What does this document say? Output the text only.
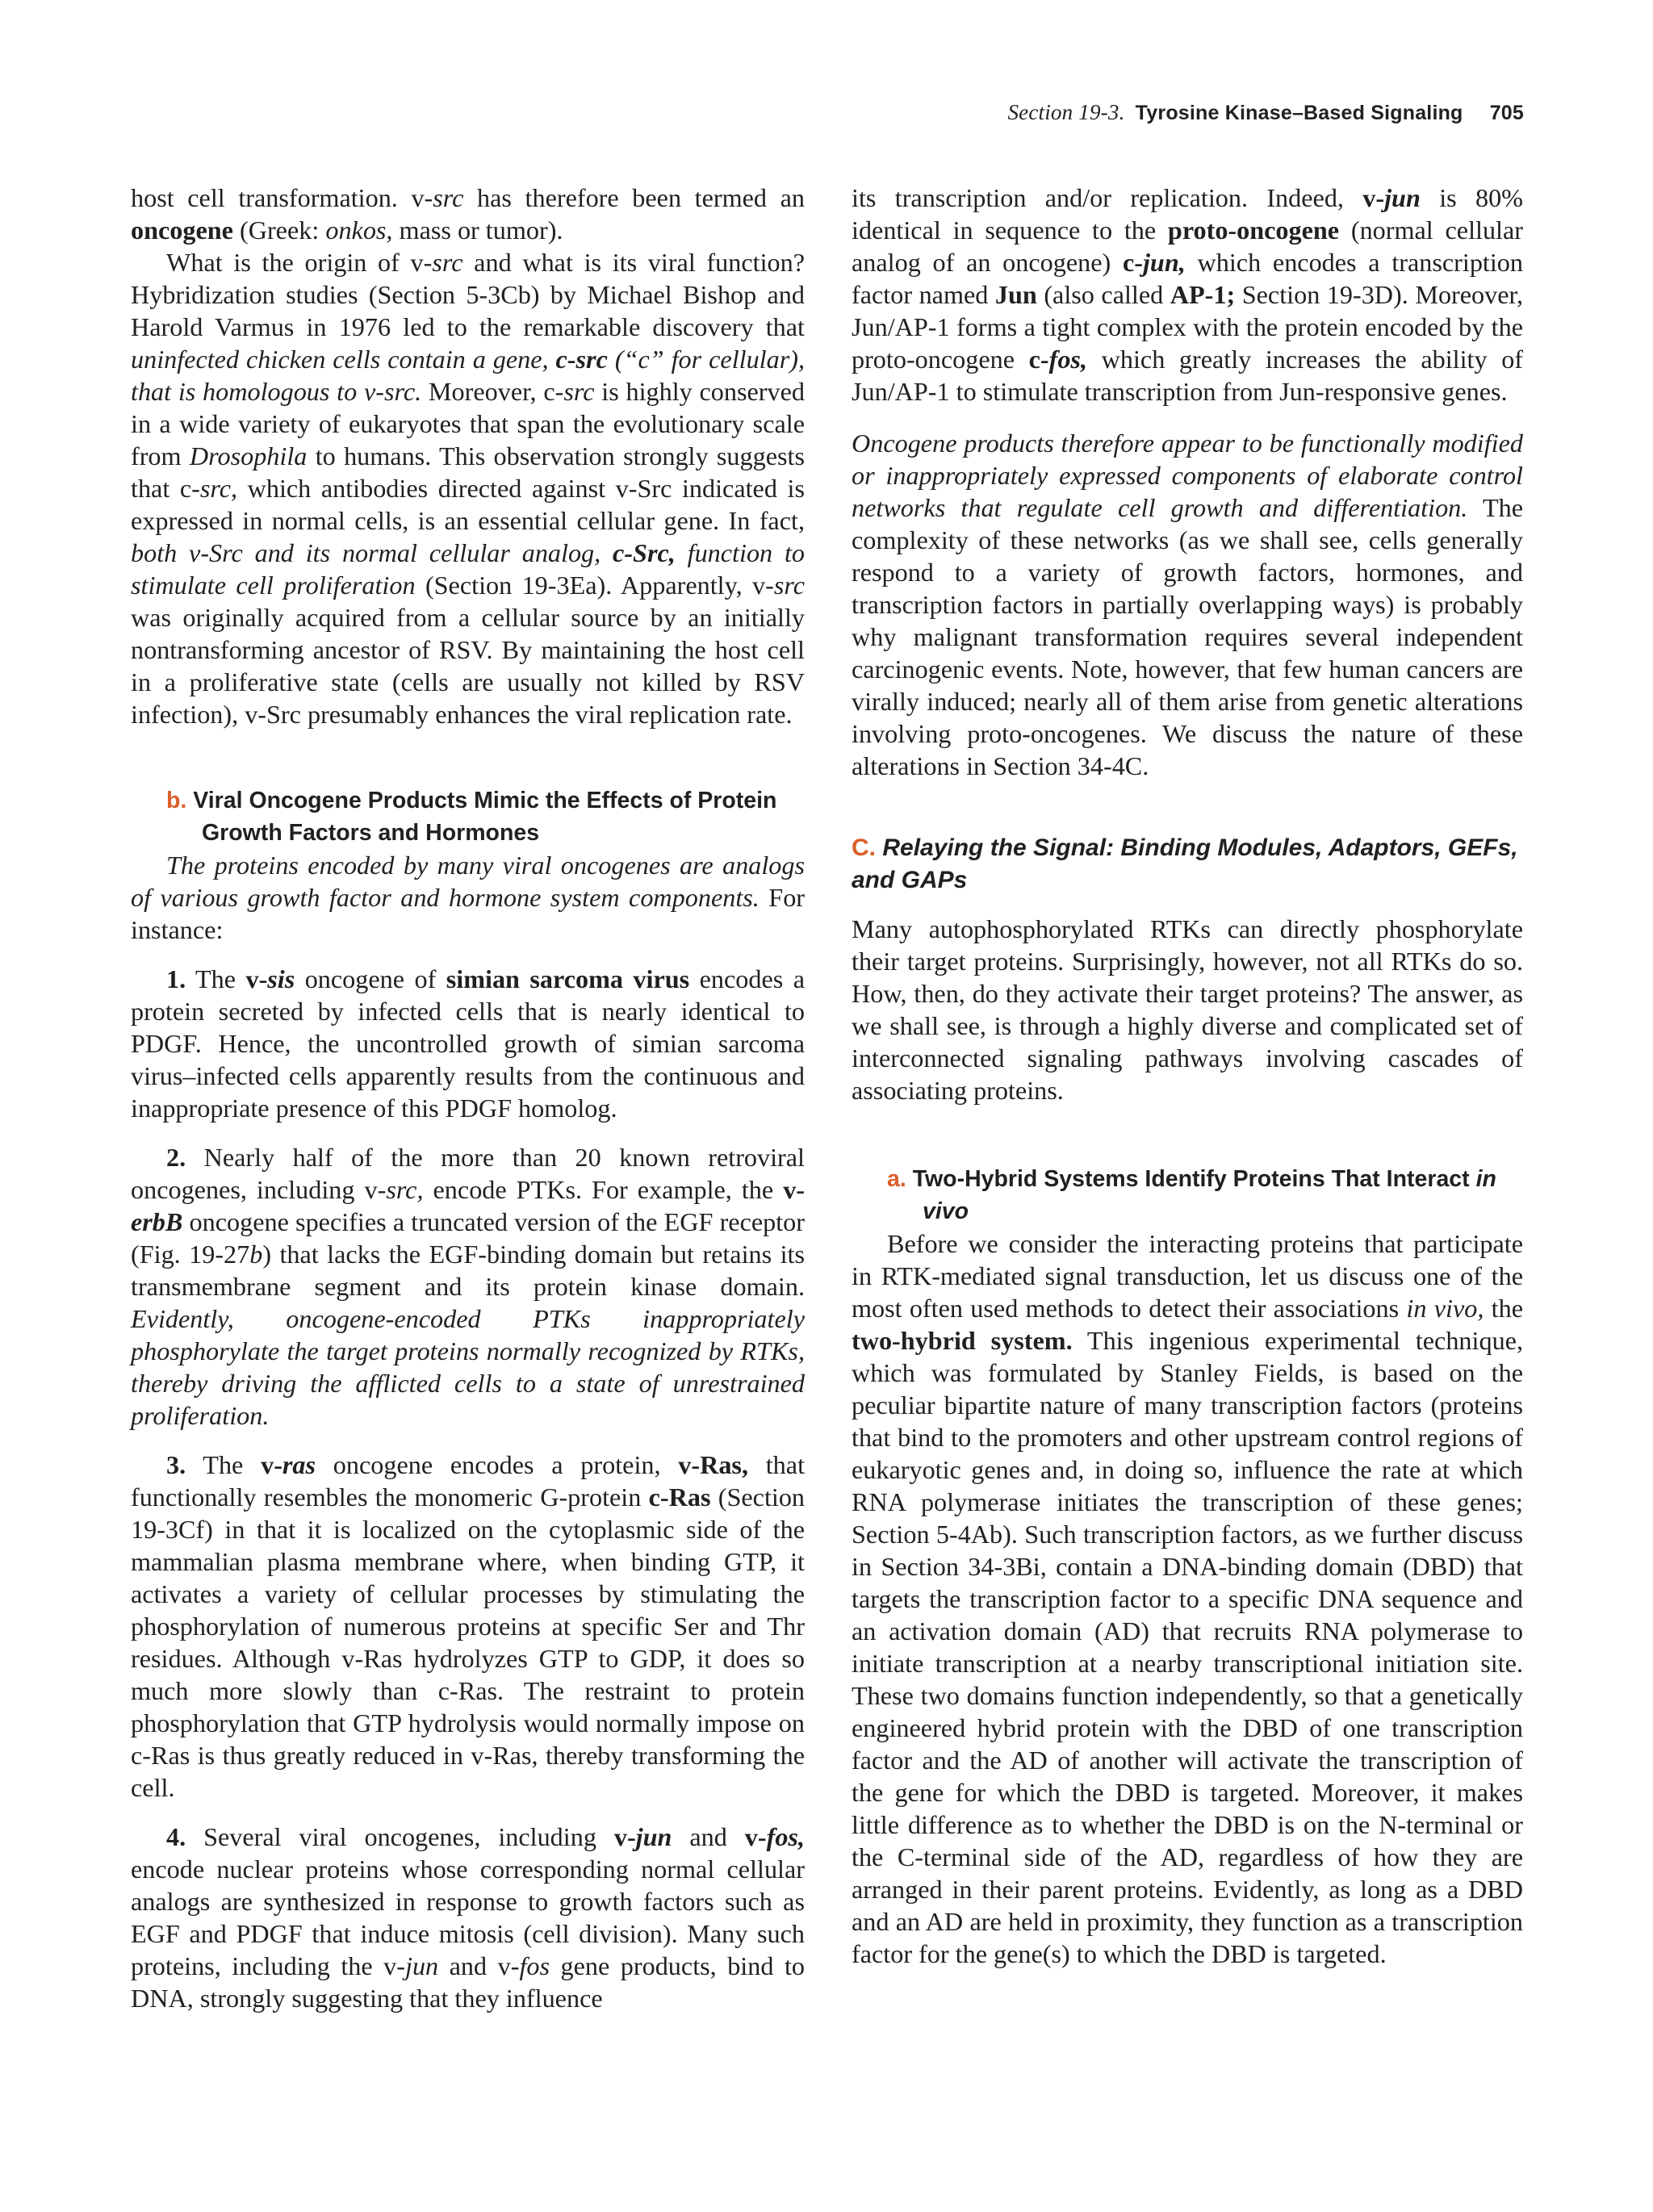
Section 19-3. Tyrosine Kinase–Based Signaling 705

host cell transformation. v-src has therefore been termed an oncogene (Greek: onkos, mass or tumor).

What is the origin of v-src and what is its viral function? Hybridization studies (Section 5-3Cb) by Michael Bishop and Harold Varmus in 1976 led to the remarkable discovery that uninfected chicken cells contain a gene, c-src (“c” for cellular), that is homologous to v-src. Moreover, c-src is highly conserved in a wide variety of eukaryotes that span the evolutionary scale from Drosophila to humans. This observation strongly suggests that c-src, which antibodies directed against v-Src indicated is expressed in normal cells, is an essential cellular gene. In fact, both v-Src and its normal cellular analog, c-Src, function to stimulate cell proliferation (Section 19-3Ea). Apparently, v-src was originally acquired from a cellular source by an initially nontransforming ancestor of RSV. By maintaining the host cell in a proliferative state (cells are usually not killed by RSV infection), v-Src presumably enhances the viral replication rate.

b. Viral Oncogene Products Mimic the Effects of Protein Growth Factors and Hormones

The proteins encoded by many viral oncogenes are analogs of various growth factor and hormone system components. For instance:

1. The v-sis oncogene of simian sarcoma virus encodes a protein secreted by infected cells that is nearly identical to PDGF. Hence, the uncontrolled growth of simian sarcoma virus–infected cells apparently results from the continuous and inappropriate presence of this PDGF homolog.

2. Nearly half of the more than 20 known retroviral oncogenes, including v-src, encode PTKs. For example, the v-erbB oncogene specifies a truncated version of the EGF receptor (Fig. 19-27b) that lacks the EGF-binding domain but retains its transmembrane segment and its protein kinase domain. Evidently, oncogene-encoded PTKs inappropriately phosphorylate the target proteins normally recognized by RTKs, thereby driving the afflicted cells to a state of unrestrained proliferation.

3. The v-ras oncogene encodes a protein, v-Ras, that functionally resembles the monomeric G-protein c-Ras (Section 19-3Cf) in that it is localized on the cytoplasmic side of the mammalian plasma membrane where, when binding GTP, it activates a variety of cellular processes by stimulating the phosphorylation of numerous proteins at specific Ser and Thr residues. Although v-Ras hydrolyzes GTP to GDP, it does so much more slowly than c-Ras. The restraint to protein phosphorylation that GTP hydrolysis would normally impose on c-Ras is thus greatly reduced in v-Ras, thereby transforming the cell.

4. Several viral oncogenes, including v-jun and v-fos, encode nuclear proteins whose corresponding normal cellular analogs are synthesized in response to growth factors such as EGF and PDGF that induce mitosis (cell division). Many such proteins, including the v-jun and v-fos gene products, bind to DNA, strongly suggesting that they influence

its transcription and/or replication. Indeed, v-jun is 80% identical in sequence to the proto-oncogene (normal cellular analog of an oncogene) c-jun, which encodes a transcription factor named Jun (also called AP-1; Section 19-3D). Moreover, Jun/AP-1 forms a tight complex with the protein encoded by the proto-oncogene c-fos, which greatly increases the ability of Jun/AP-1 to stimulate transcription from Jun-responsive genes.

Oncogene products therefore appear to be functionally modified or inappropriately expressed components of elaborate control networks that regulate cell growth and differentiation. The complexity of these networks (as we shall see, cells generally respond to a variety of growth factors, hormones, and transcription factors in partially overlapping ways) is probably why malignant transformation requires several independent carcinogenic events. Note, however, that few human cancers are virally induced; nearly all of them arise from genetic alterations involving proto-oncogenes. We discuss the nature of these alterations in Section 34-4C.

C. Relaying the Signal: Binding Modules, Adaptors, GEFs, and GAPs

Many autophosphorylated RTKs can directly phosphorylate their target proteins. Surprisingly, however, not all RTKs do so. How, then, do they activate their target proteins? The answer, as we shall see, is through a highly diverse and complicated set of interconnected signaling pathways involving cascades of associating proteins.

a. Two-Hybrid Systems Identify Proteins That Interact in vivo

Before we consider the interacting proteins that participate in RTK-mediated signal transduction, let us discuss one of the most often used methods to detect their associations in vivo, the two-hybrid system. This ingenious experimental technique, which was formulated by Stanley Fields, is based on the peculiar bipartite nature of many transcription factors (proteins that bind to the promoters and other upstream control regions of eukaryotic genes and, in doing so, influence the rate at which RNA polymerase initiates the transcription of these genes; Section 5-4Ab). Such transcription factors, as we further discuss in Section 34-3Bi, contain a DNA-binding domain (DBD) that targets the transcription factor to a specific DNA sequence and an activation domain (AD) that recruits RNA polymerase to initiate transcription at a nearby transcriptional initiation site. These two domains function independently, so that a genetically engineered hybrid protein with the DBD of one transcription factor and the AD of another will activate the transcription of the gene for which the DBD is targeted. Moreover, it makes little difference as to whether the DBD is on the N-terminal or the C-terminal side of the AD, regardless of how they are arranged in their parent proteins. Evidently, as long as a DBD and an AD are held in proximity, they function as a transcription factor for the gene(s) to which the DBD is targeted.
